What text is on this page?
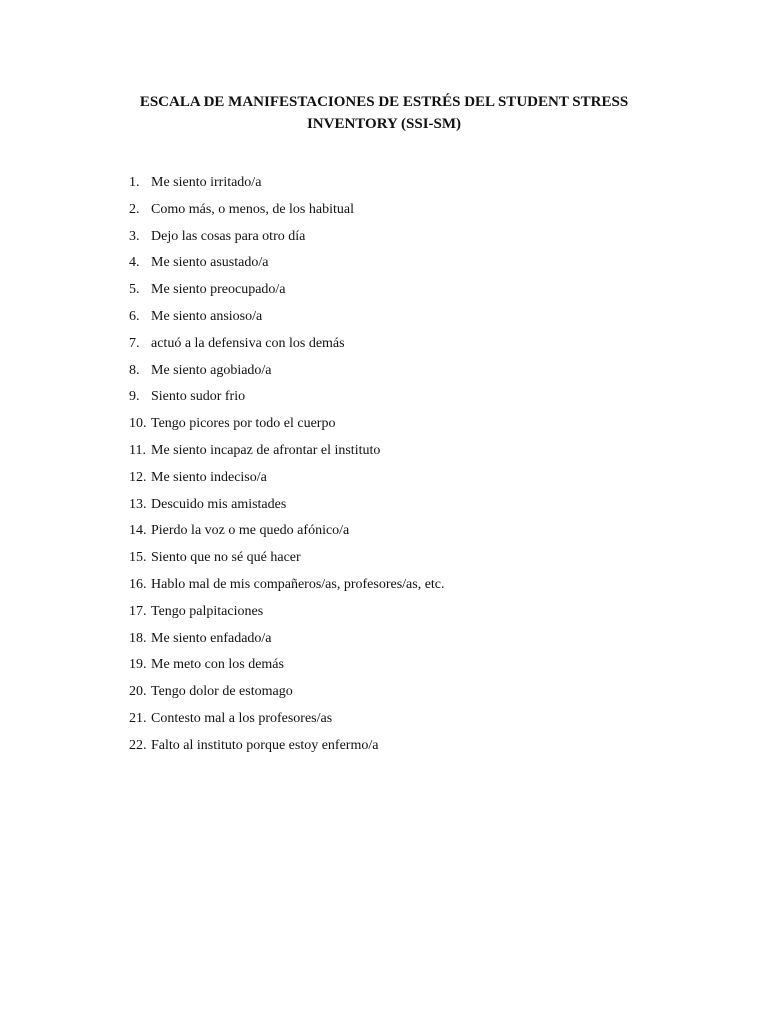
ESCALA DE MANIFESTACIONES DE ESTRÉS DEL STUDENT STRESS
INVENTORY (SSI-SM)
1. Me siento irritado/a
2. Como más, o menos, de los habitual
3. Dejo las cosas para otro día
4. Me siento asustado/a
5. Me siento preocupado/a
6. Me siento ansioso/a
7. actuó a la defensiva con los demás
8. Me siento agobiado/a
9. Siento sudor frio
10. Tengo picores por todo el cuerpo
11. Me siento incapaz de afrontar el instituto
12. Me siento indeciso/a
13. Descuido mis amistades
14. Pierdo la voz o me quedo afónico/a
15. Siento que no sé qué hacer
16. Hablo mal de mis compañeros/as, profesores/as, etc.
17. Tengo palpitaciones
18. Me siento enfadado/a
19. Me meto con los demás
20. Tengo dolor de estomago
21. Contesto mal a los profesores/as
22. Falto al instituto porque estoy enfermo/a
